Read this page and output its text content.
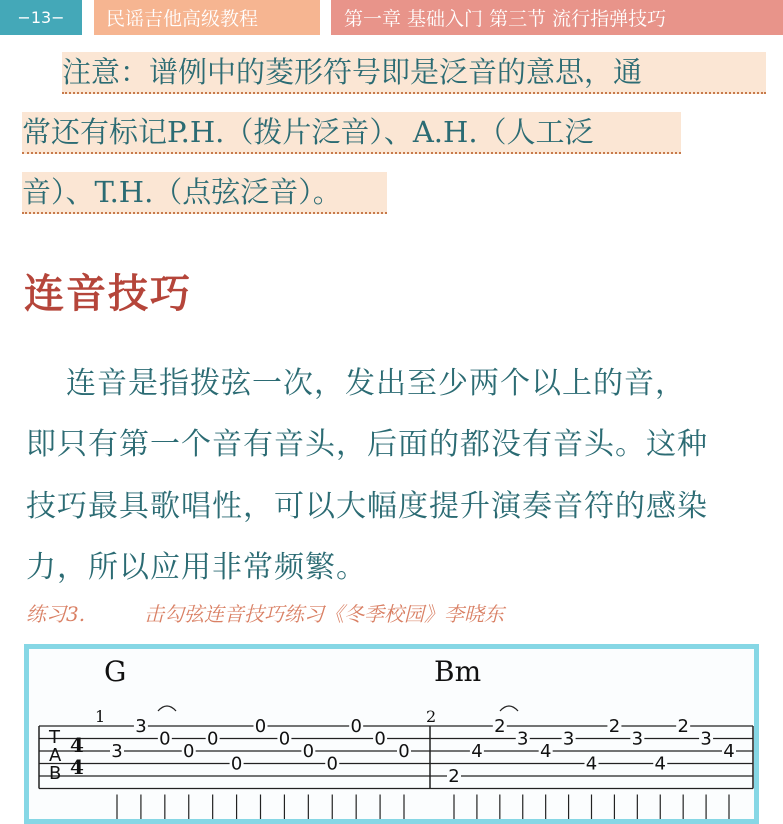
−13−	民谣吉他高级教程	第一章 基础入门 第三节 流行指弹技巧
注意：谱例中的菱形符号即是泛音的意思，通
常还有标记P.H.（拨片泛音）、A.H.（人工泛
音）、T.H.（点弦泛音）。
连音技巧
连音是指拨弦一次，发出至少两个以上的音，
即只有第一个音有音头，后面的都没有音头。这种
技巧最具歌唱性，可以大幅度提升演奏音符的感染
力，所以应用非常频繁。
练习3.	击勾弦连音技巧练习《冬季校园》李晓东
G	Bm
1	2
T
A
B
4
4
3
3
0
0
0
0
0
0
0
0
0
0
0
2
4
2
3
4
3
4
2
3
4
2
3
4
